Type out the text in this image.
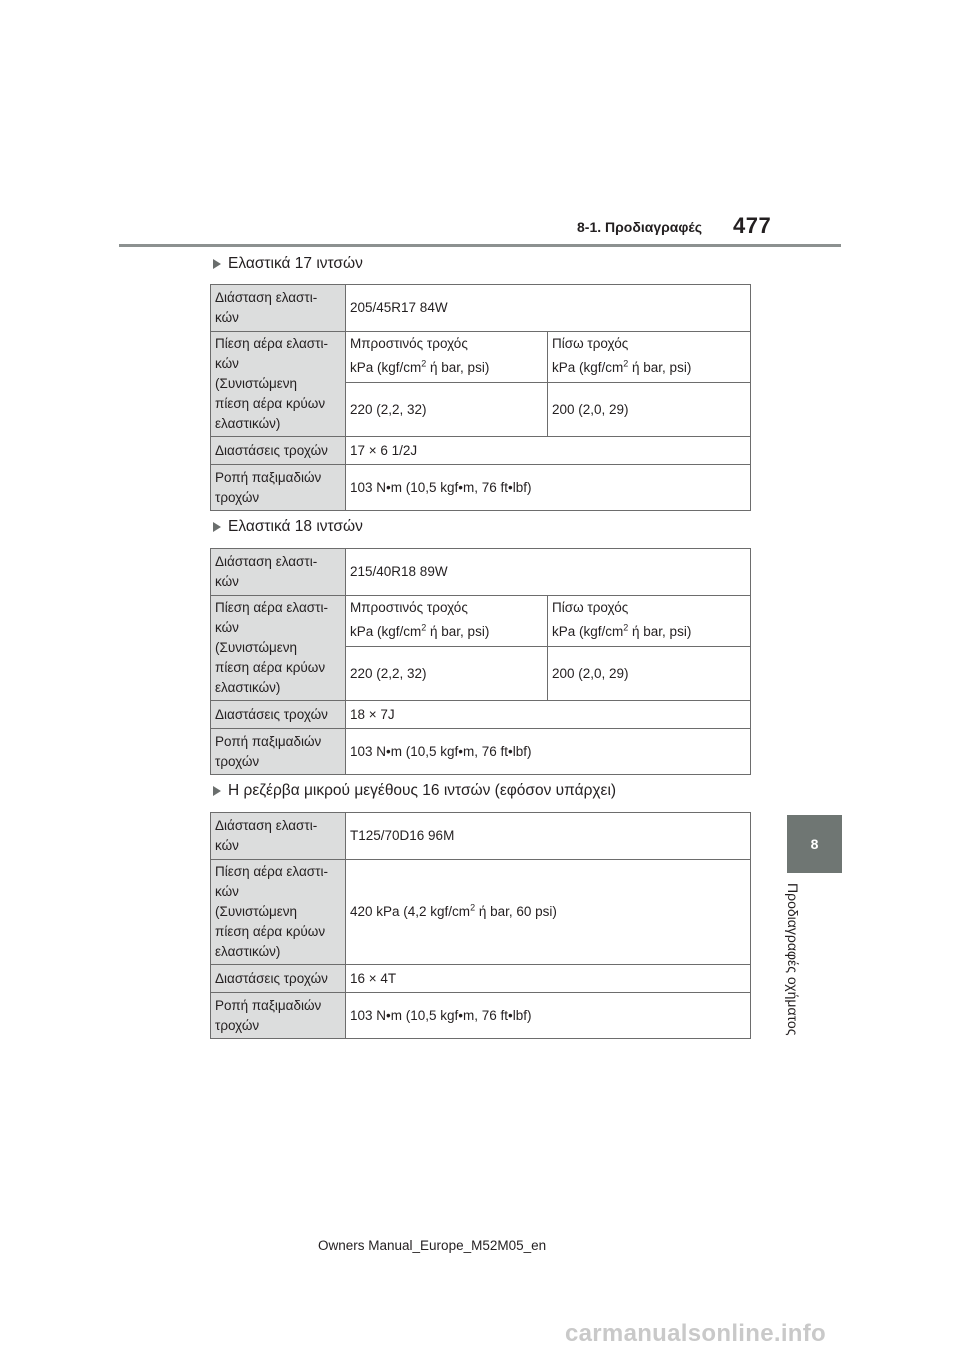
477
8-1. Προδιαγραφές
8
Προδιαγραφές οχήματος
Ελαστικά 17 ιντσών
Διάσταση ελαστι-
κών	205/45R17 84W	

Πίεση αέρα ελαστι-
κών
(Συνιστώμενη
πίεση αέρα κρύων
ελαστικών)	Μπροστινός τροχός
kPa ($kgf/cm^2$ ή bar, psi)	Πίσω τροχός
kPa ($kgf/cm^2$ ή bar, psi)

	220 (2,2, 32)	200 (2,0, 29)
Διαστάσεις τροχών	17 × 6 1/2J	

Ροπή παξιμαδιών
τροχών	103 N•m (10,5 kgf•m, 76 ft•lbf)	
Ελαστικά 18 ιντσών
Διάσταση ελαστι-
κών	215/40R18 89W	

Πίεση αέρα ελαστι-
κών
(Συνιστώμενη
πίεση αέρα κρύων
ελαστικών)	Μπροστινός τροχός
kPa ($kgf/cm^2$ ή bar, psi)	Πίσω τροχός
kPa ($kgf/cm^2$ ή bar, psi)

	220 (2,2, 32)	200 (2,0, 29)
Διαστάσεις τροχών	18 × 7J	

Ροπή παξιμαδιών
τροχών	103 N•m (10,5 kgf•m, 76 ft•lbf)	
Η ρεζέρβα μικρού μεγέθους 16 ιντσών (εφόσον υπάρχει)
Διάσταση ελαστι-
κών	T125/70D16 96M

Πίεση αέρα ελαστι-
κών
(Συνιστώμενη
πίεση αέρα κρύων
ελαστικών)	420 kPa (4,2 kgf/$cm^2$ ή bar, 60 psi)
Διαστάσεις τροχών	16 × 4T

Ροπή παξιμαδιών
τροχών	103 N•m (10,5 kgf•m, 76 ft•lbf)
Owners Manual_Europe_M52M05_en
carmanualsonline.info
